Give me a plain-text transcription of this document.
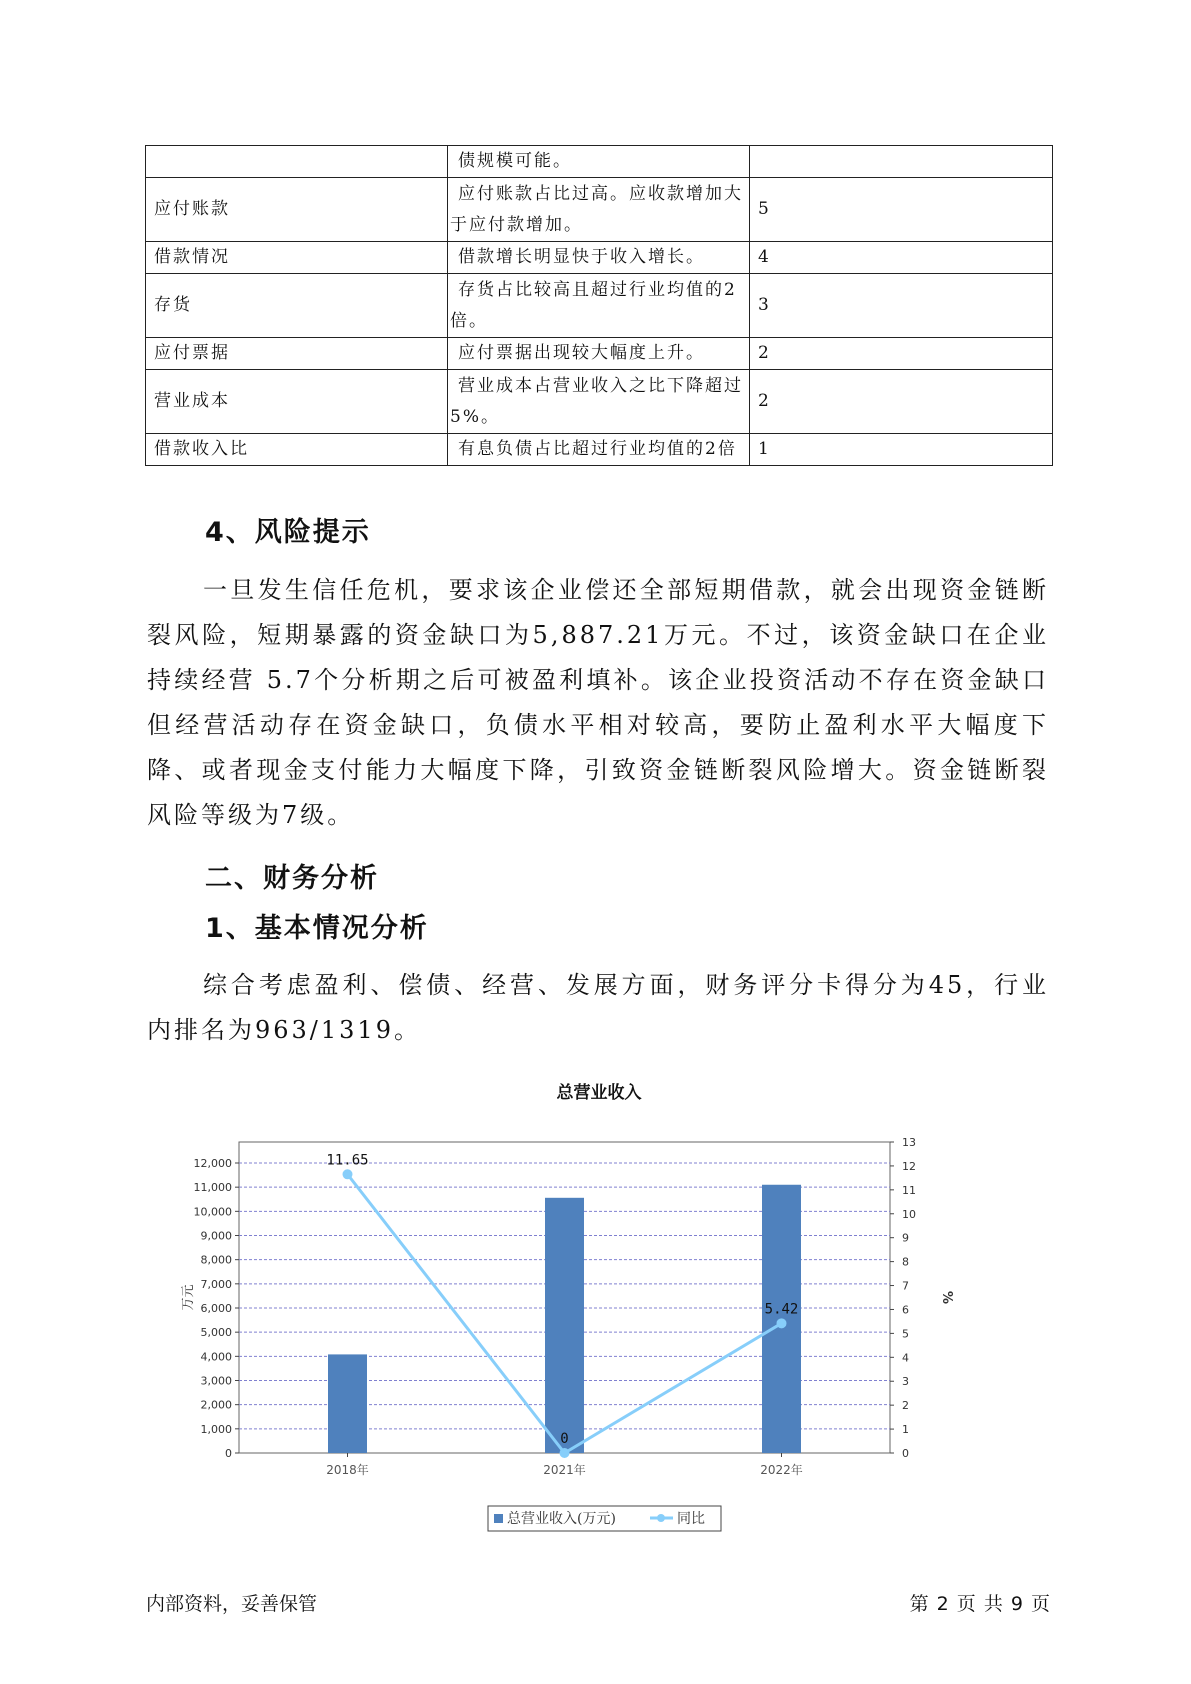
	债规模可能。	
应付账款	应付账款占比过高。应收款增加大于应付款增加。	5
借款情况	借款增长明显快于收入增长。	4
存货	存货占比较高且超过行业均值的2倍。	3
应付票据	应付票据出现较大幅度上升。	2
营业成本	营业成本占营业收入之比下降超过5%。	2
借款收入比	有息负债占比超过行业均值的2倍	1
4、风险提示

一旦发生信任危机，要求该企业偿还全部短期借款，就会出现资金链断裂风险，短期暴露的资金缺口为5,887.21万元。不过，该资金缺口在企业持续经营 5.7个分析期之后可被盈利填补。该企业投资活动不存在资金缺口但经营活动存在资金缺口，负债水平相对较高，要防止盈利水平大幅度下降、或者现金支付能力大幅度下降，引致资金链断裂风险增大。资金链断裂风险等级为7级。

二、财务分析
1、基本情况分析

综合考虑盈利、偿债、经营、发展方面，财务评分卡得分为45，行业内排名为963/1319。

总营业收入
0
1,000
2,000
3,000
4,000
5,000
6,000
7,000
8,000
9,000
10,000
11,000
12,000
0
1
2
3
4
5
6
7
8
9
10
11
12
13
万元	%
2018年	2021年	2022年
11.65
0
5.42
总营业收入(万元)	同比
内部资料，妥善保管	第 2 页 共 9 页
